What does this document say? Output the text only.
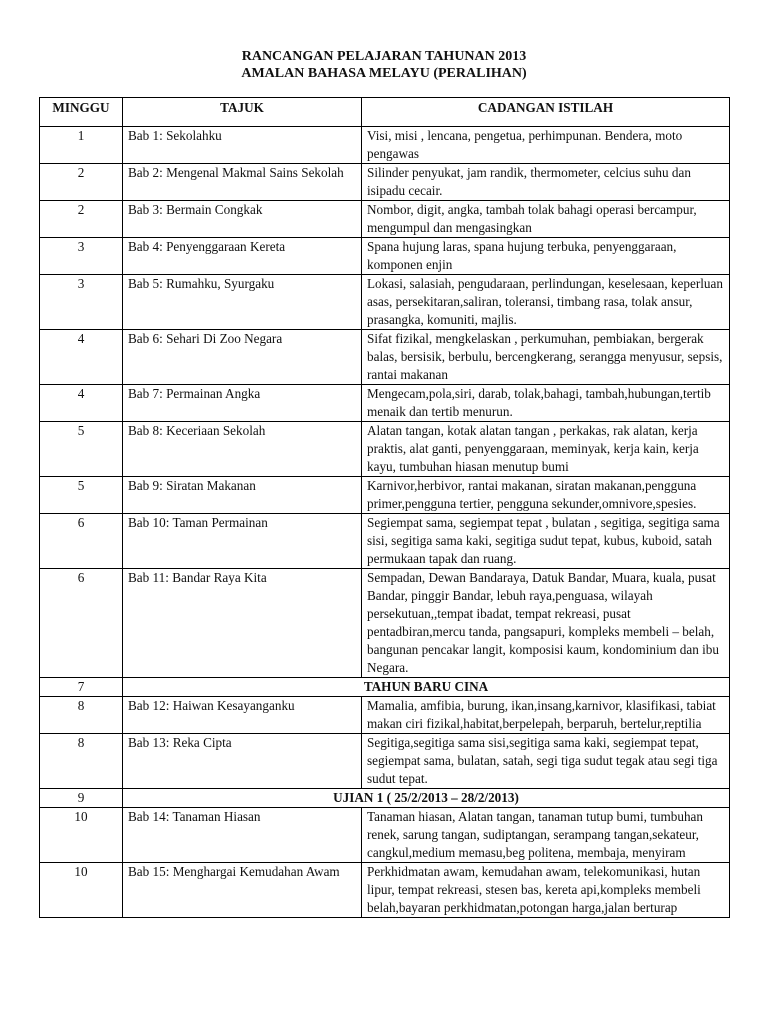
RANCANGAN PELAJARAN TAHUNAN 2013
AMALAN BAHASA MELAYU (PERALIHAN)
MINGGU	TAJUK	CADANGAN ISTILAH
1	Bab 1: Sekolahku	Visi, misi , lencana, pengetua, perhimpunan. Bendera, moto pengawas
2	Bab 2: Mengenal Makmal Sains Sekolah	Silinder penyukat, jam randik, thermometer, celcius suhu dan isipadu cecair.
2	Bab 3: Bermain Congkak	Nombor, digit, angka, tambah tolak bahagi operasi bercampur, mengumpul dan mengasingkan
3	Bab 4: Penyenggaraan Kereta	Spana hujung laras, spana hujung terbuka, penyenggaraan, komponen enjin
3	Bab 5: Rumahku, Syurgaku	Lokasi, salasiah, pengudaraan, perlindungan, keselesaan, keperluan asas, persekitaran,saliran, toleransi, timbang rasa, tolak ansur, prasangka, komuniti, majlis.
4	Bab 6: Sehari Di Zoo Negara	Sifat fizikal, mengkelaskan , perkumuhan, pembiakan, bergerak balas, bersisik, berbulu, bercengkerang, serangga menyusur, sepsis, rantai makanan
4	Bab 7: Permainan Angka	Mengecam,pola,siri, darab, tolak,bahagi, tambah,hubungan,tertib menaik dan tertib menurun.
5	Bab 8: Keceriaan Sekolah	Alatan tangan, kotak alatan tangan , perkakas, rak alatan, kerja praktis, alat ganti, penyenggaraan, meminyak, kerja kain, kerja kayu, tumbuhan hiasan menutup bumi
5	Bab 9: Siratan Makanan	Karnivor,herbivor, rantai makanan, siratan makanan,pengguna primer,pengguna tertier, pengguna sekunder,omnivore,spesies.
6	Bab 10: Taman Permainan	Segiempat sama, segiempat tepat , bulatan , segitiga, segitiga sama sisi, segitiga sama kaki, segitiga sudut tepat, kubus, kuboid, satah permukaan tapak dan ruang.
6	Bab 11: Bandar Raya Kita	Sempadan, Dewan Bandaraya, Datuk Bandar, Muara, kuala, pusat Bandar, pinggir Bandar, lebuh raya,penguasa, wilayah persekutuan,,tempat ibadat, tempat rekreasi, pusat pentadbiran,mercu tanda, pangsapuri, kompleks membeli – belah, bangunan pencakar langit, komposisi kaum, kondominium dan ibu Negara.
7	TAHUN BARU CINA	
8	Bab 12: Haiwan Kesayanganku	Mamalia, amfibia, burung, ikan,insang,karnivor, klasifikasi, tabiat makan ciri fizikal,habitat,berpelepah, berparuh, bertelur,reptilia
8	Bab 13: Reka Cipta	Segitiga,segitiga sama sisi,segitiga sama kaki, segiempat tepat, segiempat sama, bulatan, satah, segi tiga sudut tegak atau segi tiga sudut tepat.
9	UJIAN 1 ( 25/2/2013 – 28/2/2013)	
10	Bab 14: Tanaman Hiasan	Tanaman hiasan, Alatan tangan, tanaman tutup bumi, tumbuhan renek, sarung tangan, sudiptangan, serampang tangan,sekateur, cangkul,medium memasu,beg politena, membaja, menyiram
10	Bab 15: Menghargai Kemudahan Awam	Perkhidmatan awam, kemudahan awam, telekomunikasi, hutan lipur, tempat rekreasi, stesen bas, kereta api,kompleks membeli belah,bayaran perkhidmatan,potongan harga,jalan berturap
